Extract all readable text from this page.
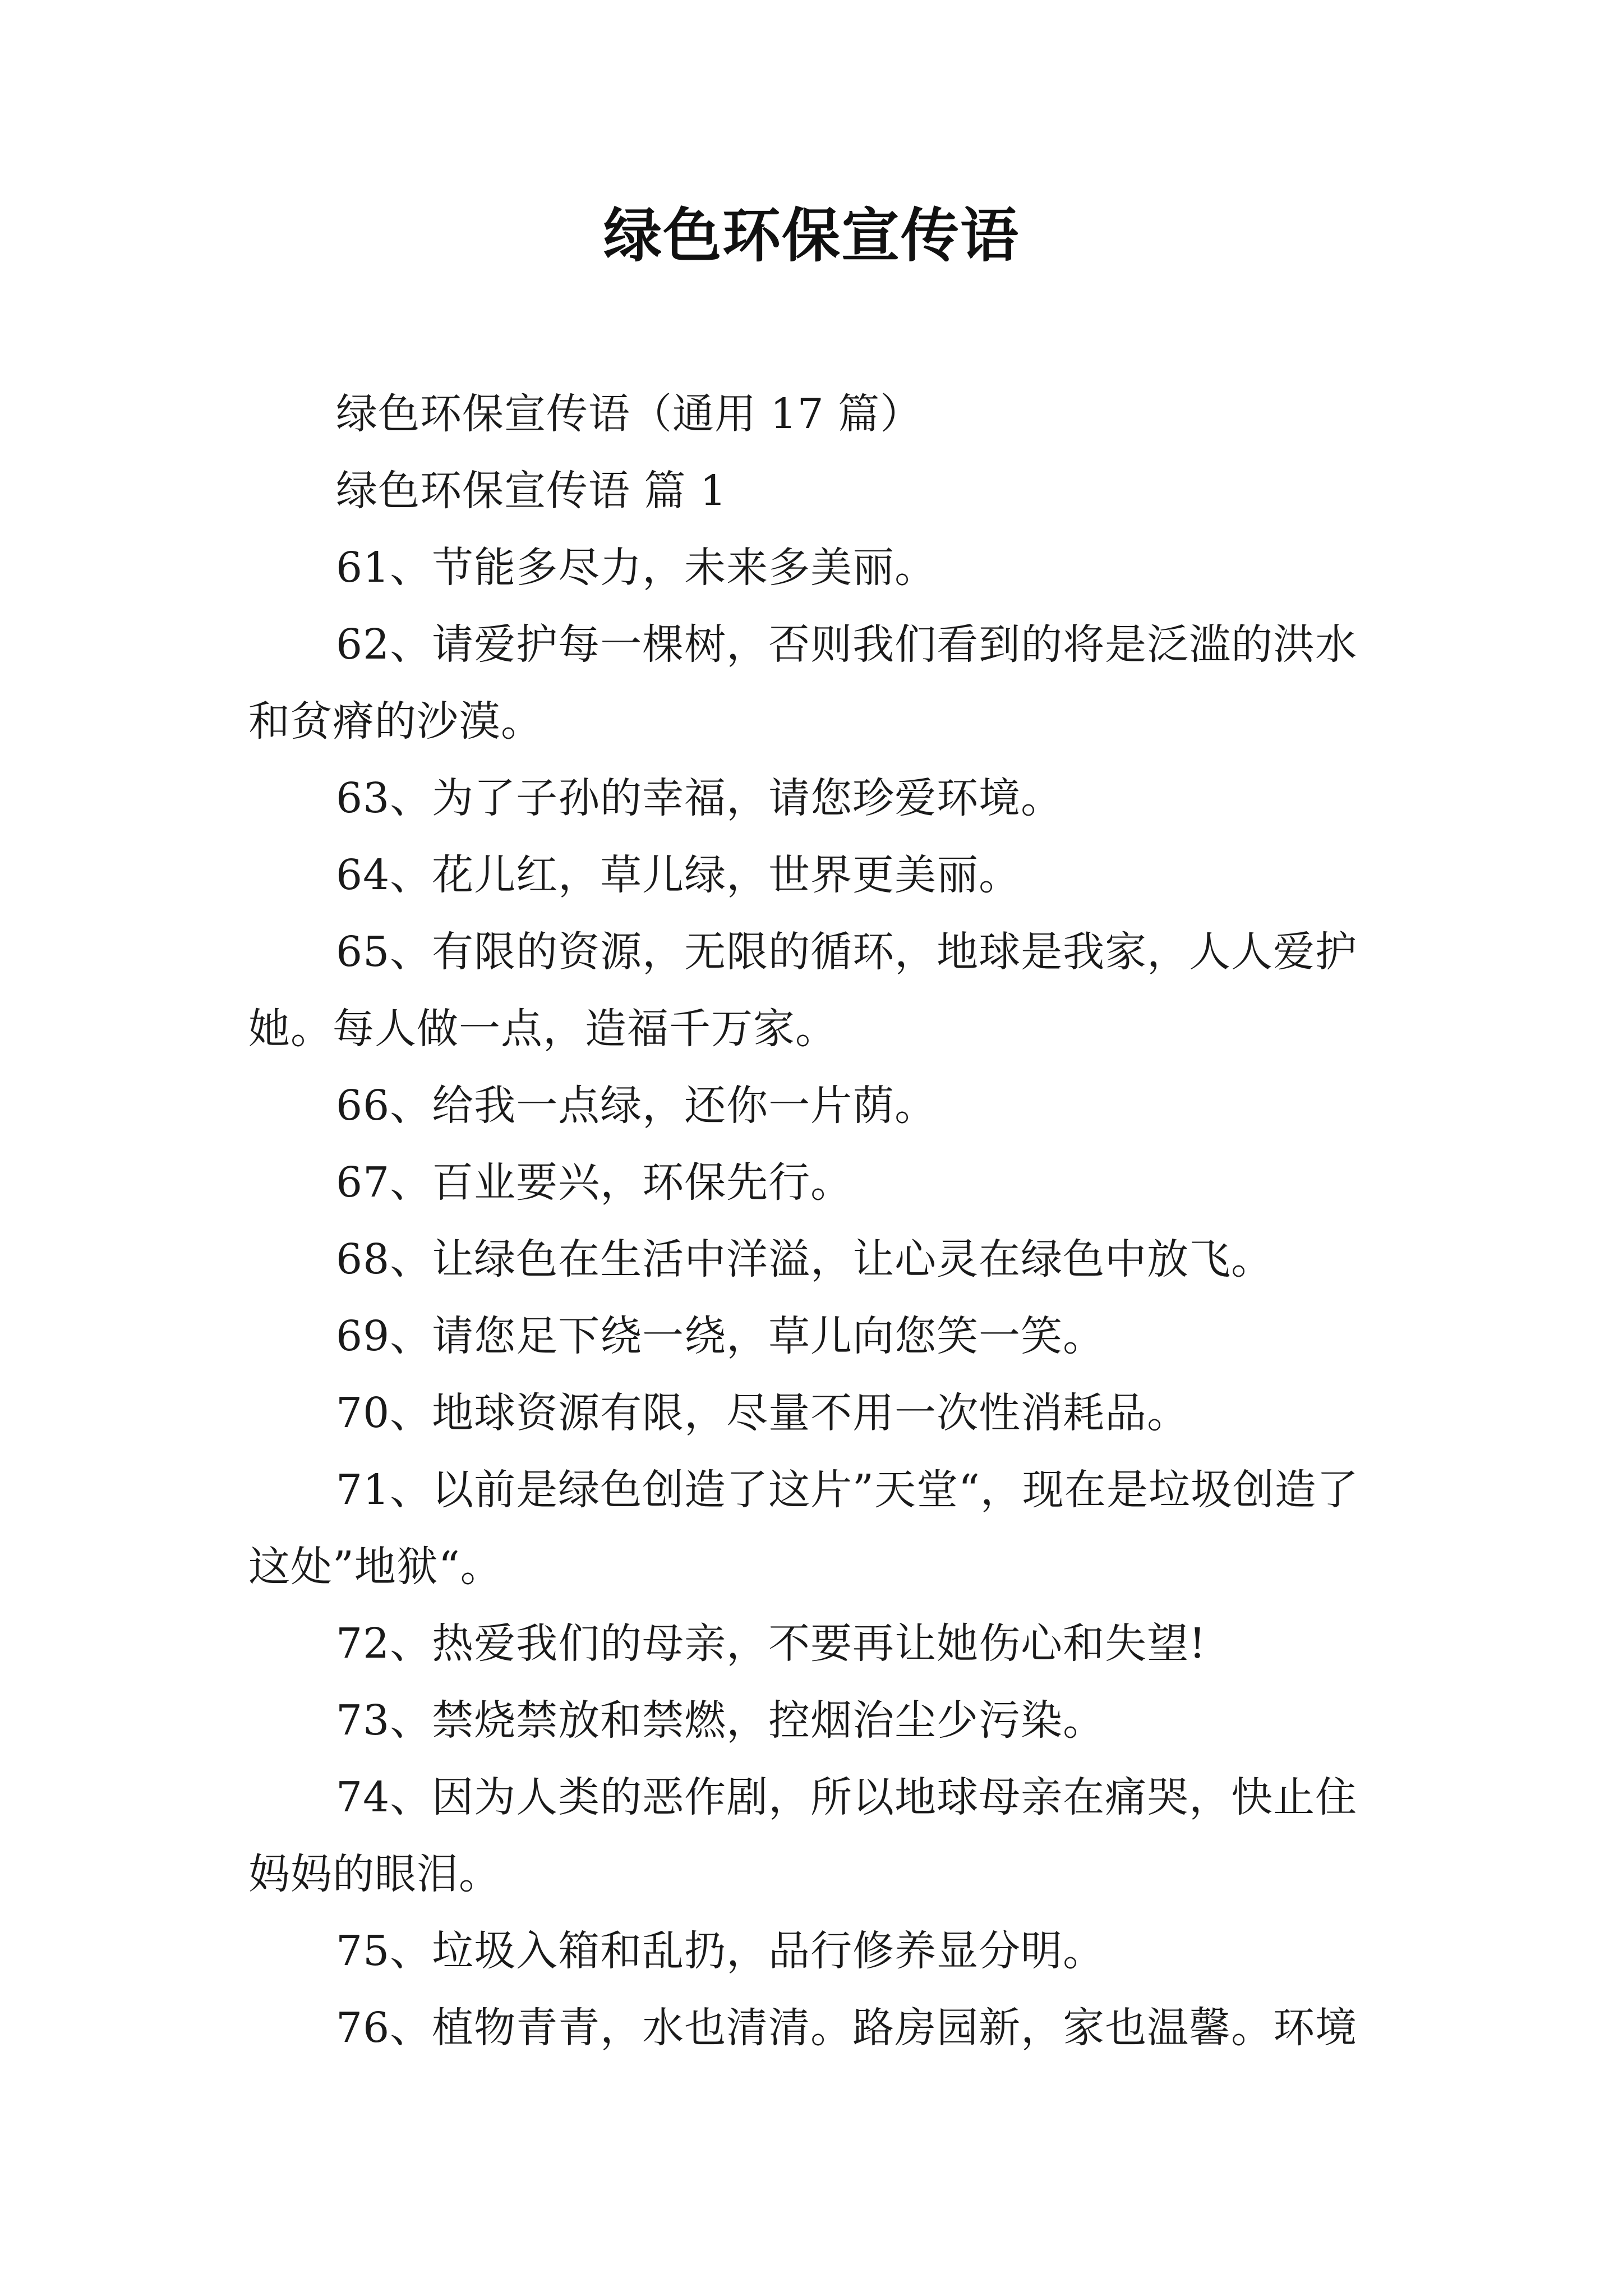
绿色环保宣传语

绿色环保宣传语（通用 17 篇）

绿色环保宣传语 篇 1

61、节能多尽力，未来多美丽。

62、请爱护每一棵树，否则我们看到的将是泛滥的洪水和贫瘠的沙漠。

63、为了子孙的幸福，请您珍爱环境。

64、花儿红，草儿绿，世界更美丽。

65、有限的资源，无限的循环，地球是我家，人人爱护她。每人做一点，造福千万家。

66、给我一点绿，还你一片荫。

67、百业要兴，环保先行。

68、让绿色在生活中洋溢，让心灵在绿色中放飞。

69、请您足下绕一绕，草儿向您笑一笑。

70、地球资源有限，尽量不用一次性消耗品。

71、以前是绿色创造了这片”天堂“，现在是垃圾创造了这处”地狱“。

72、热爱我们的母亲，不要再让她伤心和失望!

73、禁烧禁放和禁燃，控烟治尘少污染。

74、因为人类的恶作剧，所以地球母亲在痛哭，快止住妈妈的眼泪。

75、垃圾入箱和乱扔，品行修养显分明。

76、植物青青，水也清清。路房园新，家也温馨。环境
